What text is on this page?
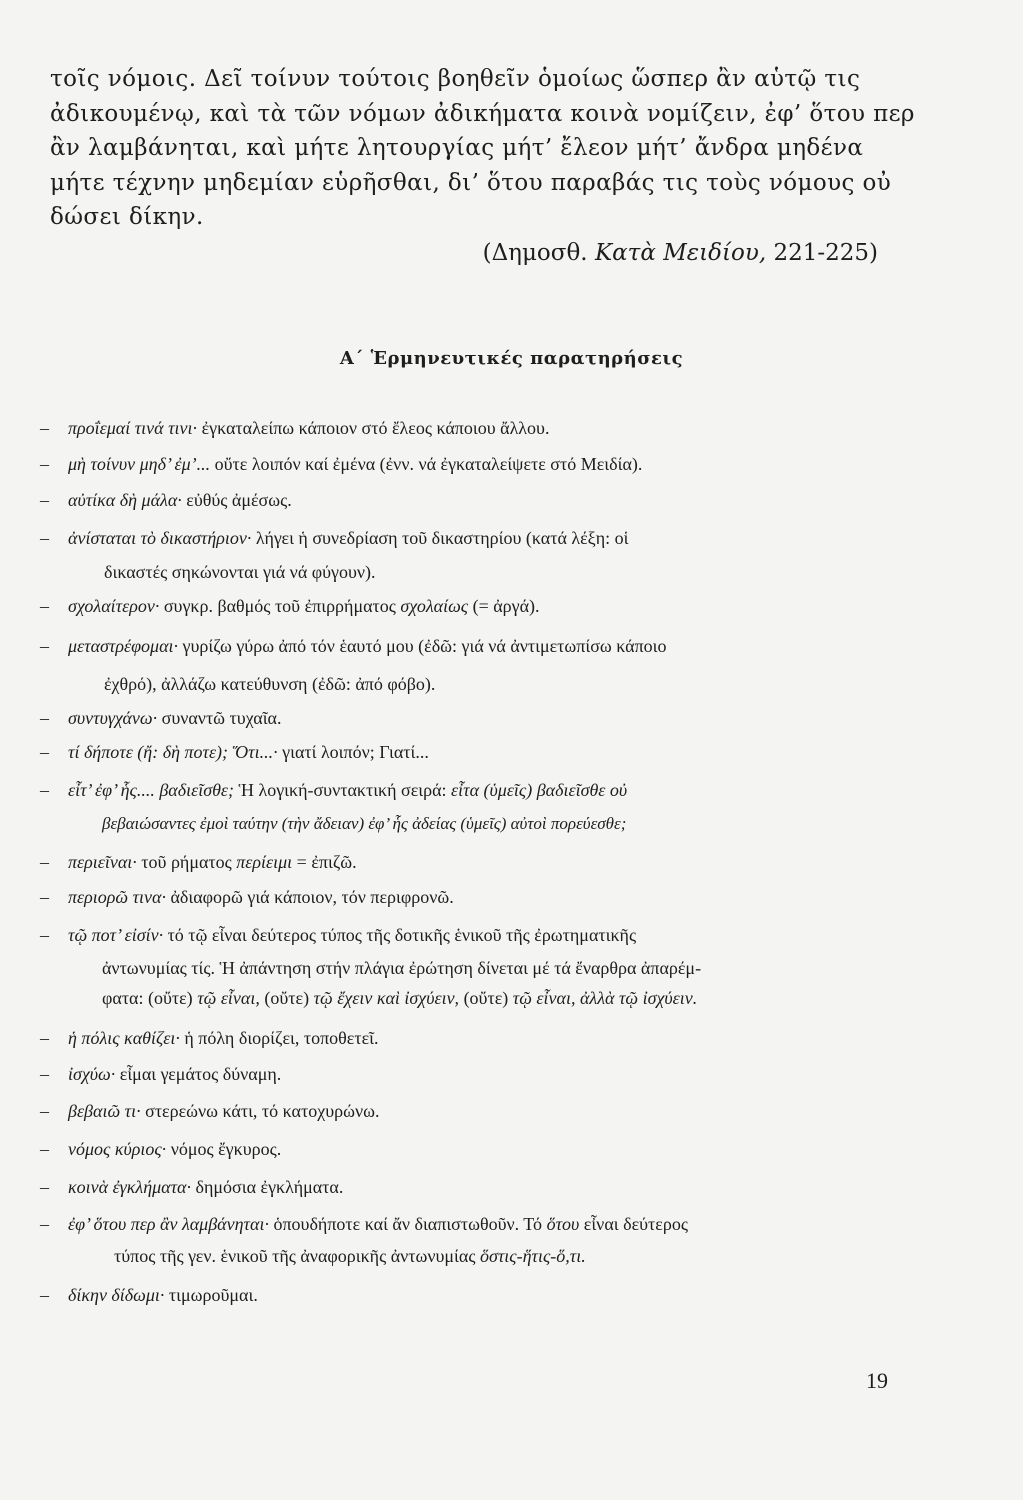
τοῖς νόμοις. Δεῖ τοίνυν τούτοις βοηθεῖν ὁμοίως ὥσπερ ἂν αὑτῷ τις
ἀδικουμένῳ, καὶ τὰ τῶν νόμων ἀδικήματα κοινὰ νομίζειν, ἐφ’ ὅτου περ
ἂν λαμβάνηται, καὶ μήτε λητουργίας μήτ’ ἔλεον μήτ’ ἄνδρα μηδένα
μήτε τέχνην μηδεμίαν εὑρῆσθαι, δι’ ὅτου παραβάς τις τοὺς νόμους οὐ
δώσει δίκην.
(Δημοσθ. Κατὰ Μειδίου, 221-225)
Α΄ Ἑρμηνευτικές παρατηρήσεις
– προΐεμαί τινά τινι· ἐγκαταλείπω κάποιον στό ἔλεος κάποιου ἄλλου.
– μὴ τοίνυν μηδ’ ἐμ’... οὔτε λοιπόν καί ἐμένα (ἐνν. νά ἐγκαταλείψετε στό Μειδία).
– αὐτίκα δὴ μάλα· εὐθύς ἀμέσως.
– ἀνίσταται τὸ δικαστήριον· λήγει ἡ συνεδρίαση τοῦ δικαστηρίου (κατά λέξη: οἱ
δικαστές σηκώνονται γιά νά φύγουν).
– σχολαίτερον· συγκρ. βαθμός τοῦ ἐπιρρήματος σχολαίως (= ἀργά).
– μεταστρέφομαι· γυρίζω γύρω ἀπό τόν ἑαυτό μου (ἐδῶ: γιά νά ἀντιμετωπίσω κάποιο
ἐχθρό), ἀλλάζω κατεύθυνση (ἐδῶ: ἀπό φόβο).
– συντυγχάνω· συναντῶ τυχαῖα.
– τί δήποτε (ἤ: δὴ ποτε); Ὅτι...· γιατί λοιπόν; Γιατί...
– εἶτ’ ἐφ’ ἧς.... βαδιεῖσθε; Ἡ λογική-συντακτική σειρά: εἶτα (ὑμεῖς) βαδιεῖσθε οὐ
βεβαιώσαντες ἐμοὶ ταύτην (τὴν ἄδειαν) ἐφ’ ἧς ἀδείας (ὑμεῖς) αὐτοὶ πορεύεσθε;
– περιεῖναι· τοῦ ρήματος περίειμι = ἐπιζῶ.
– περιορῶ τινα· ἀδιαφορῶ γιά κάποιον, τόν περιφρονῶ.
– τῷ ποτ’ εἰσίν· τό τῷ εἶναι δεύτερος τύπος τῆς δοτικῆς ἑνικοῦ τῆς ἐρωτηματικῆς
ἀντωνυμίας τίς. Ἡ ἀπάντηση στήν πλάγια ἐρώτηση δίνεται μέ τά ἔναρθρα ἀπαρέμ-
φατα: (οὔτε) τῷ εἶναι, (οὔτε) τῷ ἔχειν καὶ ἰσχύειν, (οὔτε) τῷ εἶναι, ἀλλὰ τῷ ἰσχύειν.
– ἡ πόλις καθίζει· ἡ πόλη διορίζει, τοποθετεῖ.
– ἰσχύω· εἶμαι γεμάτος δύναμη.
– βεβαιῶ τι· στερεώνω κάτι, τό κατοχυρώνω.
– νόμος κύριος· νόμος ἔγκυρος.
– κοινὰ ἐγκλήματα· δημόσια ἐγκλήματα.
– ἐφ’ ὅτου περ ἂν λαμβάνηται· ὁπουδήποτε καί ἄν διαπιστωθοῦν. Τό ὅτου εἶναι δεύτερος
τύπος τῆς γεν. ἑνικοῦ τῆς ἀναφορικῆς ἀντωνυμίας ὅστις-ἥτις-ὅ,τι.
– δίκην δίδωμι· τιμωροῦμαι.
19
